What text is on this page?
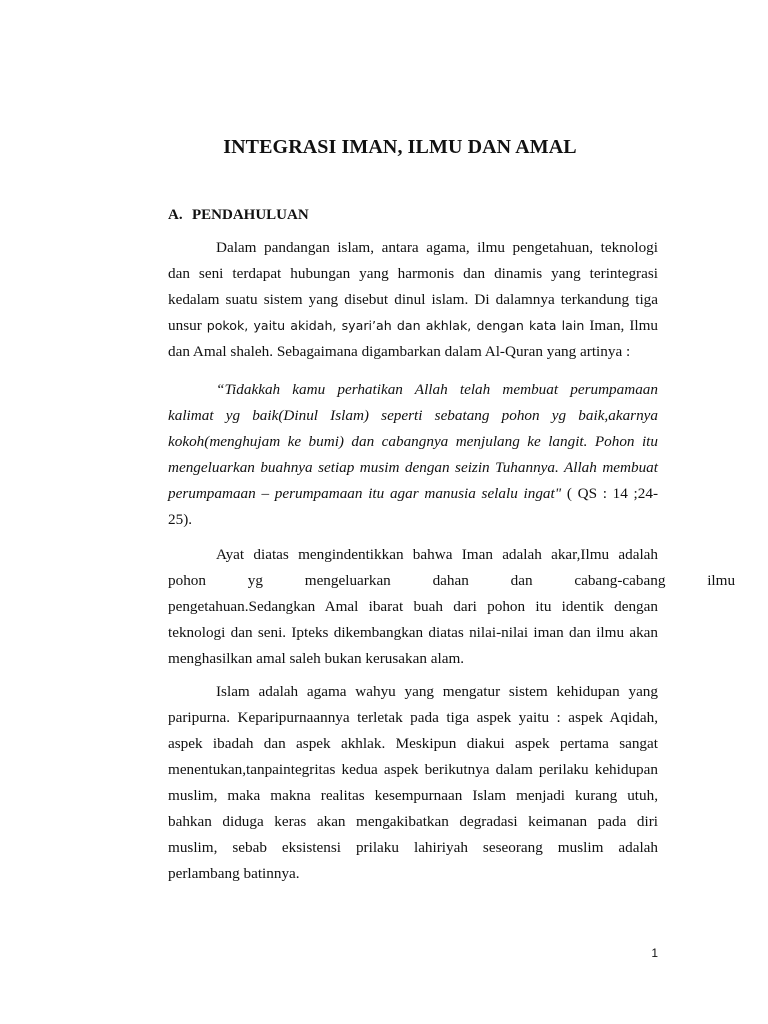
INTEGRASI IMAN, ILMU DAN AMAL
A. PENDAHULUAN
Dalam pandangan islam, antara agama, ilmu pengetahuan, teknologi
dan seni terdapat hubungan yang harmonis dan dinamis yang terintegrasi
kedalam suatu sistem yang disebut dinul islam. Di dalamnya terkandung tiga
unsur pokok, yaitu akidah, syari’ah dan akhlak, dengan kata lain Iman, Ilmu
dan Amal shaleh. Sebagaimana digambarkan dalam Al-Quran yang artinya :
“Tidakkah kamu perhatikan Allah telah membuat perumpamaan
kalimat yg baik(Dinul Islam) seperti sebatang pohon yg baik,akarnya
kokoh(menghujam ke bumi) dan cabangnya menjulang ke langit. Pohon itu
mengeluarkan buahnya setiap musim dengan seizin Tuhannya. Allah membuat
perumpamaan – perumpamaan itu agar manusia selalu ingat" ( QS : 14 ;24-
25).
Ayat diatas mengindentikkan bahwa Iman adalah akar,Ilmu adalah
pohon yg mengeluarkan dahan dan cabang-cabang ilmu
pengetahuan.Sedangkan Amal ibarat buah dari pohon itu identik dengan
teknologi dan seni. Ipteks dikembangkan diatas nilai-nilai iman dan ilmu akan
menghasilkan amal saleh bukan kerusakan alam.
Islam adalah agama wahyu yang mengatur sistem kehidupan yang
paripurna. Keparipurnaannya terletak pada tiga aspek yaitu : aspek Aqidah,
aspek ibadah dan aspek akhlak. Meskipun diakui aspek pertama sangat
menentukan,tanpaintegritas kedua aspek berikutnya dalam perilaku kehidupan
muslim, maka makna realitas kesempurnaan Islam menjadi kurang utuh,
bahkan diduga keras akan mengakibatkan degradasi keimanan pada diri
muslim, sebab eksistensi prilaku lahiriyah seseorang muslim adalah
perlambang batinnya.
1
